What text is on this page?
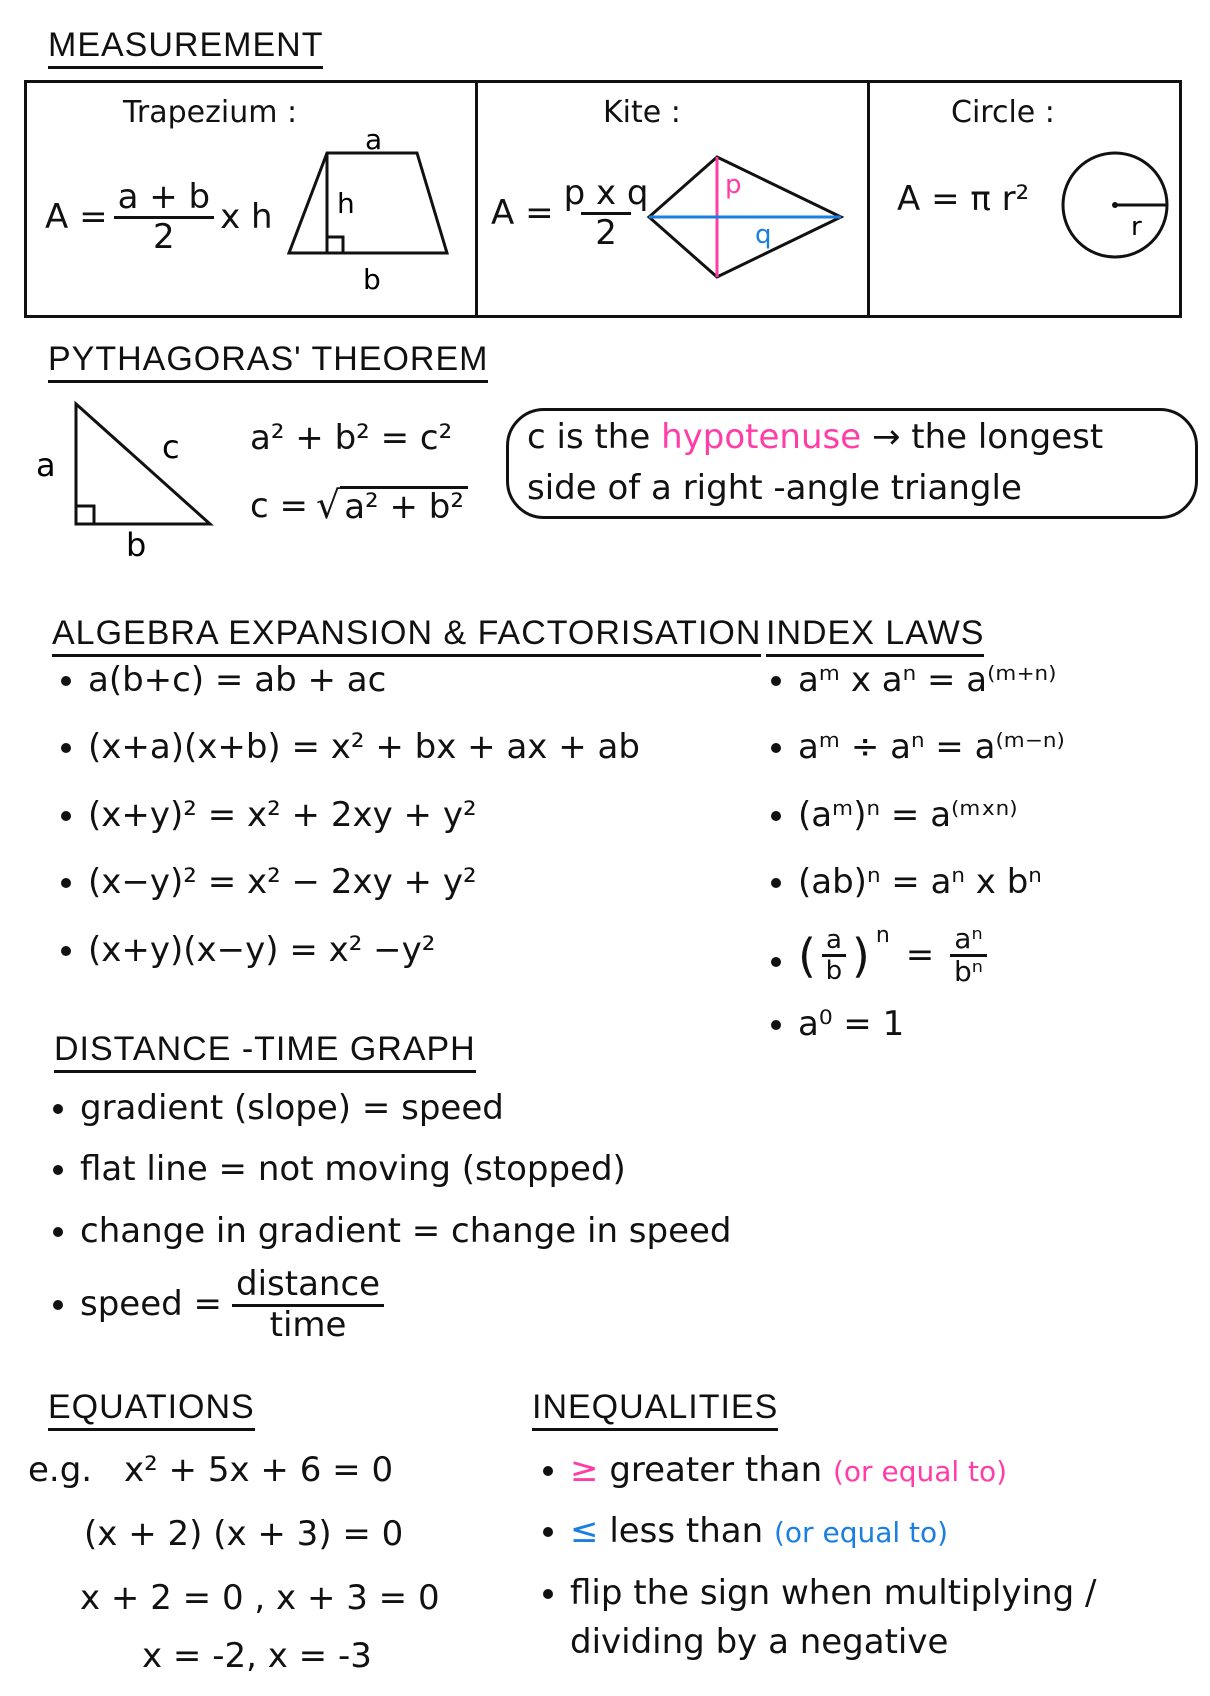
MEASUREMENT
Trapezium :
$A = \frac{a + b}{2}$ x h
a
h
b
Kite :
$A = \frac{\text{p x q}}{2}$	p
q
Circle :
A = π r²
r
PYTHAGORAS' THEOREM
a	c
b
a² + b² = c²
c = √ a² + b²
c is the hypotenuse → the longest
side of a right -angle triangle
ALGEBRA EXPANSION & FACTORISATION
• a(b+c) = ab + ac
• (x+a)(x+b) = x² + bx + ax + ab
• (x+y)² = x² + 2xy + y²
• (x−y)² = x² − 2xy + y²
• (x+y)(x−y) = x² −y²
INDEX LAWS
• aᵐ x aⁿ = a⁽ᵐ⁺ⁿ⁾
• aᵐ ÷ aⁿ = a⁽ᵐ⁻ⁿ⁾
• (aᵐ)ⁿ = a⁽ᵐˣⁿ⁾
• (ab)ⁿ = aⁿ x bⁿ
• ( $\frac{a}{b}$ ) $^n$
= $\frac{\text{aⁿ}}{\text{bⁿ}}$
• a⁰ = 1
DISTANCE -TIME GRAPH
• gradient (slope) = speed
• flat line = not moving (stopped)
• change in gradient = change in speed
• speed = $\frac{\text{distance}}{\text{time}}$
EQUATIONS
e.g. x² + 5x + 6 = 0
(x + 2) (x + 3) = 0
x + 2 = 0 , x + 3 = 0
x = -2, x = -3
INEQUALITIES
• ≥ greater than (or equal to)
• ≤ less than (or equal to)
• flip the sign when multiplying /
dividing by a negative
